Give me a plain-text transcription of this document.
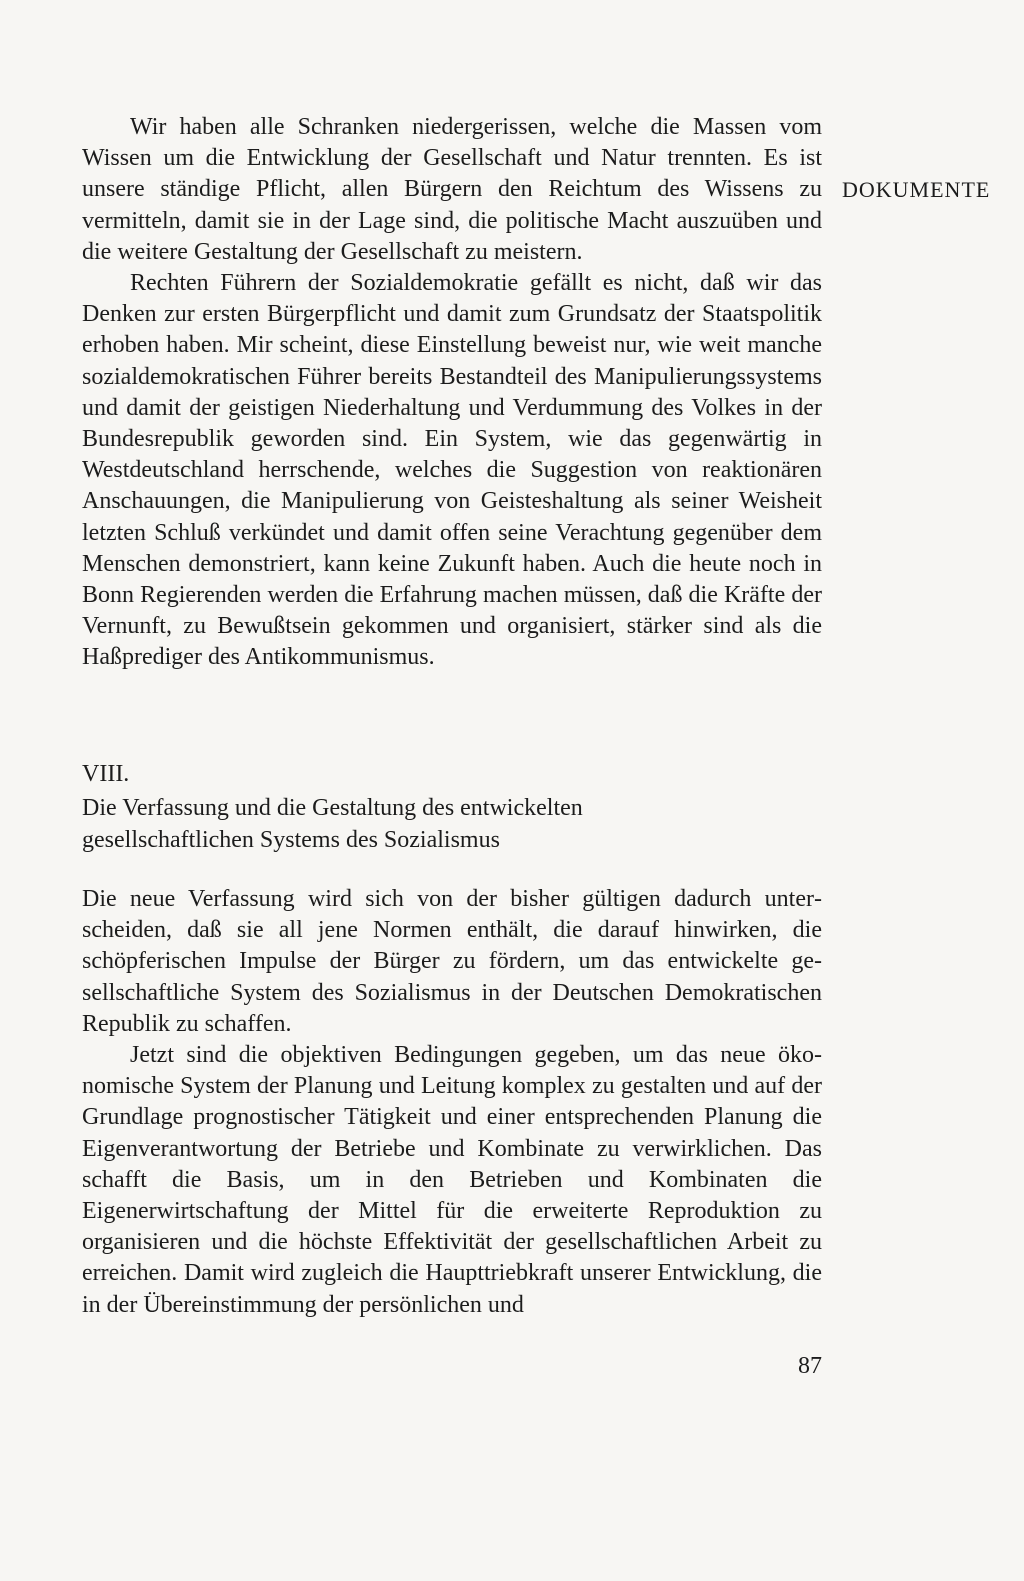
DOKUMENTE

Wir haben alle Schranken niedergerissen, welche die Massen vom Wissen um die Entwicklung der Gesellschaft und Natur trennten. Es ist unsere ständige Pflicht, allen Bürgern den Reichtum des Wissens zu vermitteln, damit sie in der Lage sind, die politische Macht auszuüben und die weitere Gestaltung der Gesellschaft zu meistern.

Rechten Führern der Sozialdemokratie gefällt es nicht, daß wir das Denken zur ersten Bürgerpflicht und damit zum Grundsatz der Staatspolitik erhoben haben. Mir scheint, diese Einstellung beweist nur, wie weit manche sozialdemokratischen Führer bereits Bestandteil des Manipulierungssystems und damit der geistigen Niederhaltung und Verdummung des Volkes in der Bundesrepublik geworden sind. Ein System, wie das gegenwärtig in Westdeutschland herrschende, welches die Suggestion von reaktionären Anschauungen, die Manipulierung von Geisteshaltung als seiner Weisheit letzten Schluß verkündet und damit offen seine Verachtung gegenüber dem Menschen demonstriert, kann keine Zukunft haben. Auch die heute noch in Bonn Regierenden werden die Erfahrung machen müssen, daß die Kräfte der Vernunft, zu Bewußtsein gekommen und organisiert, stärker sind als die Haßprediger des Antikommunismus.

VIII.
Die Verfassung und die Gestaltung des entwickelten
gesellschaftlichen Systems des Sozialismus

Die neue Verfassung wird sich von der bisher gültigen dadurch unterscheiden, daß sie all jene Normen enthält, die darauf hinwirken, die schöpferischen Impulse der Bürger zu fördern, um das entwickelte gesellschaftliche System des Sozialismus in der Deutschen Demokratischen Republik zu schaffen.

Jetzt sind die objektiven Bedingungen gegeben, um das neue ökonomische System der Planung und Leitung komplex zu gestalten und auf der Grundlage prognostischer Tätigkeit und einer entsprechenden Planung die Eigenverantwortung der Betriebe und Kombinate zu verwirklichen. Das schafft die Basis, um in den Betrieben und Kombinaten die Eigenerwirtschaftung der Mittel für die erweiterte Reproduktion zu organisieren und die höchste Effektivität der gesellschaftlichen Arbeit zu erreichen. Damit wird zugleich die Haupttriebkraft unserer Entwicklung, die in der Übereinstimmung der persönlichen und

87
